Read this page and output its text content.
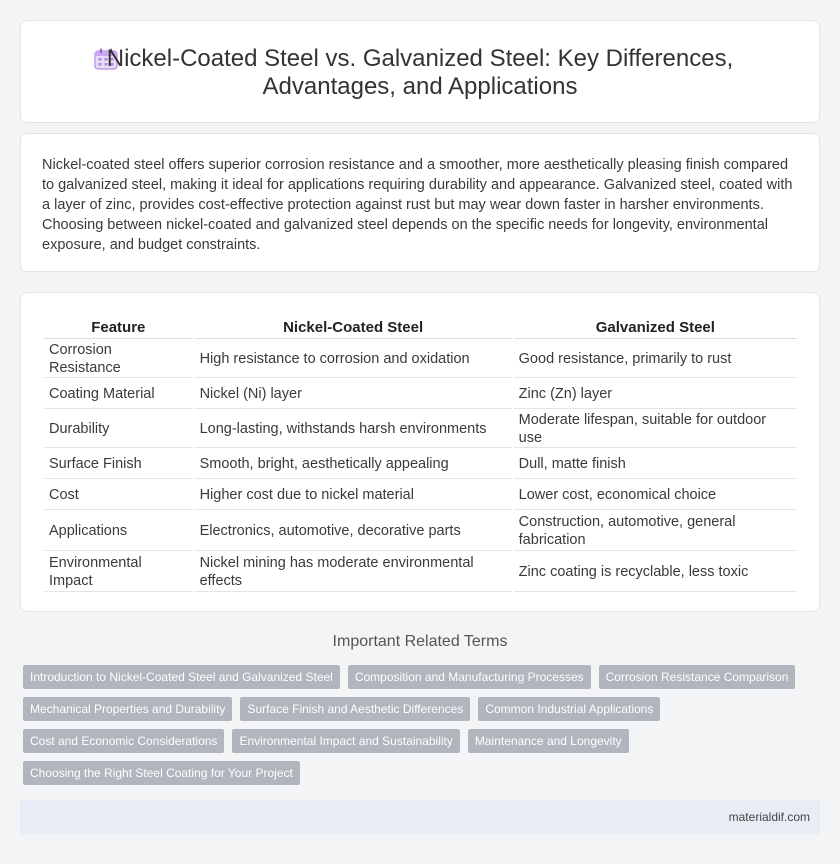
Nickel-Coated Steel vs. Galvanized Steel: Key Differences,
Advantages, and Applications

Nickel-coated steel offers superior corrosion resistance and a smoother, more aesthetically pleasing finish compared to galvanized steel, making it ideal for applications requiring durability and appearance. Galvanized steel, coated with a layer of zinc, provides cost-effective protection against rust but may wear down faster in harsher environments. Choosing between nickel-coated and galvanized steel depends on the specific needs for longevity, environmental exposure, and budget constraints.

Feature	Nickel-Coated Steel	Galvanized Steel
Corrosion Resistance	High resistance to corrosion and oxidation	Good resistance, primarily to rust
Coating Material	Nickel (Ni) layer	Zinc (Zn) layer
Durability	Long-lasting, withstands harsh environments	Moderate lifespan, suitable for outdoor use
Surface Finish	Smooth, bright, aesthetically appealing	Dull, matte finish
Cost	Higher cost due to nickel material	Lower cost, economical choice
Applications	Electronics, automotive, decorative parts	Construction, automotive, general fabrication
Environmental Impact	Nickel mining has moderate environmental effects	Zinc coating is recyclable, less toxic
Important Related Terms
Introduction to Nickel-Coated Steel and Galvanized Steel	Composition and Manufacturing Processes	Corrosion Resistance Comparison
Mechanical Properties and Durability	Surface Finish and Aesthetic Differences	Common Industrial Applications
Cost and Economic Considerations	Environmental Impact and Sustainability	Maintenance and Longevity
Choosing the Right Steel Coating for Your Project
materialdif.com
